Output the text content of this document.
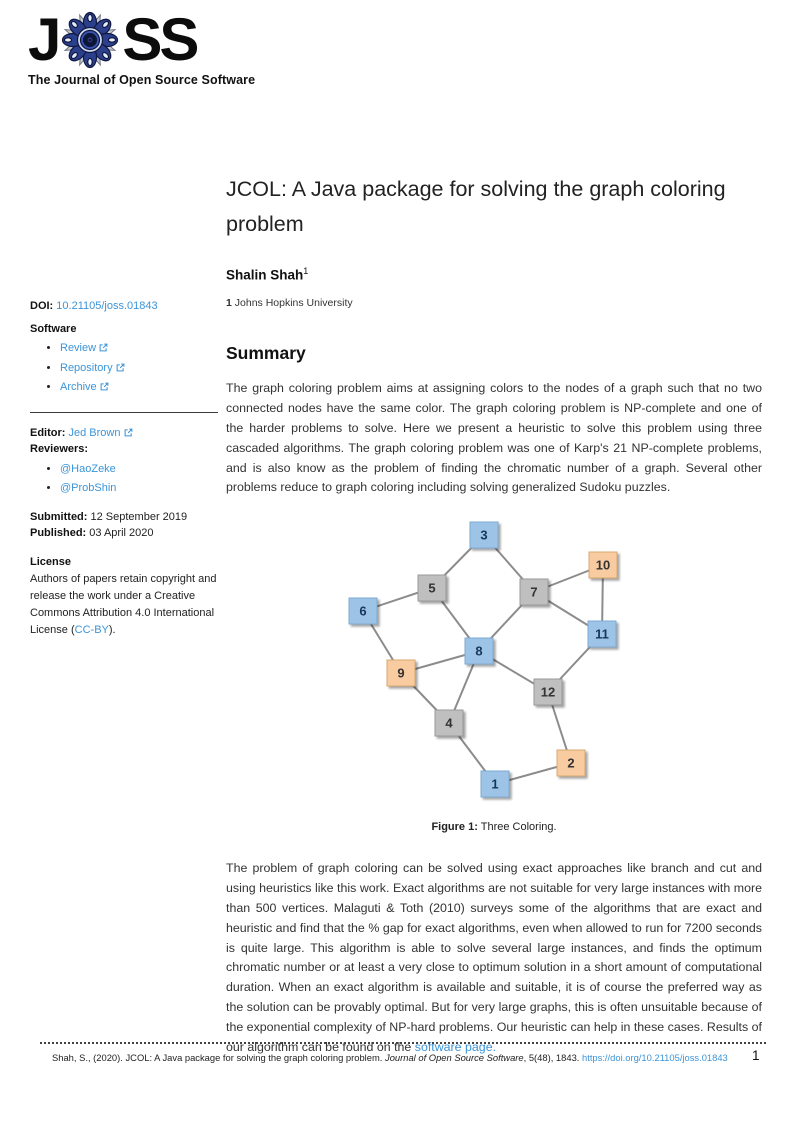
J SS
The Journal of Open Source Software
DOI: 10.21105/joss.01843
Software
• Review
• Repository
• Archive
Editor: Jed Brown
Reviewers:
• @HaoZeke
• @ProbShin
Submitted: 12 September 2019
Published: 03 April 2020
License
Authors of papers retain copyright and release the work under a Creative Commons Attribution 4.0 International License (CC-BY).
JCOL: A Java package for solving the graph coloring problem
Shalin Shah$^1$
1 Johns Hopkins University
Summary

The graph coloring problem aims at assigning colors to the nodes of a graph such that no two connected nodes have the same color. The graph coloring problem is NP-complete and one of the harder problems to solve. Here we present a heuristic to solve this problem using three cascaded algorithms. The graph coloring problem was one of Karp's 21 NP-complete problems, and is also know as the problem of finding the chromatic number of a graph. Several other problems reduce to graph coloring including solving generalized Sudoku puzzles.

1
2
3
4
5
6
7
8
9
10
11
12
Figure 1: Three Coloring.

The problem of graph coloring can be solved using exact approaches like branch and cut and using heuristics like this work. Exact algorithms are not suitable for very large instances with more than 500 vertices. Malaguti & Toth (2010) surveys some of the algorithms that are exact and heuristic and find that the % gap for exact algorithms, even when allowed to run for 7200 seconds is quite large. This algorithm is able to solve several large instances, and finds the optimum chromatic number or at least a very close to optimum solution in a short amount of computational duration. When an exact algorithm is available and suitable, it is of course the preferred way as the solution can be provably optimal. But for very large graphs, this is often unsuitable because of the exponential complexity of NP-hard problems. Our heuristic can help in these cases. Results of our algorithm can be found on the software page.

Shah, S., (2020). JCOL: A Java package for solving the graph coloring problem. Journal of Open Source Software, 5(48), 1843. https://doi.org/10.21105/joss.01843	1
